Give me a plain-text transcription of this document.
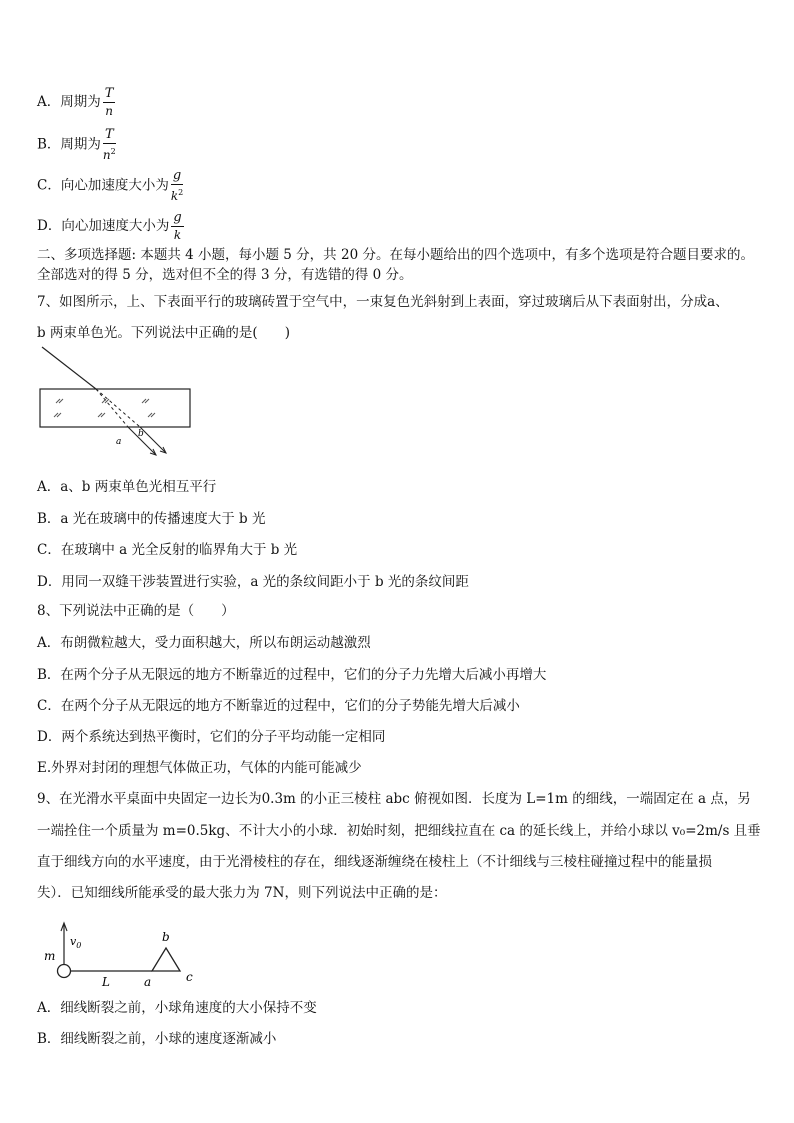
A．周期为 $\frac{T}{n}$
B．周期为 $\frac{T}{n^2}$
C．向心加速度大小为 $\frac{g}{k^2}$
D．向心加速度大小为 $\frac{g}{k}$
二、多项选择题: 本题共 4 小题，每小题 5 分，共 20 分。在每小题给出的四个选项中，有多个选项是符合题目要求的。
全部选对的得 5 分，选对但不全的得 3 分，有选错的得 0 分。
7、如图所示，上、下表面平行的玻璃砖置于空气中，一束复色光斜射到上表面，穿过玻璃后从下表面射出，分成a、
b 两束单色光。下列说法中正确的是(　　)
a
b
A．a、b 两束单色光相互平行
B．a 光在玻璃中的传播速度大于 b 光
C．在玻璃中 a 光全反射的临界角大于 b 光
D．用同一双缝干涉装置进行实验，a 光的条纹间距小于 b 光的条纹间距
8、下列说法中正确的是（　　）
A．布朗微粒越大，受力面积越大，所以布朗运动越激烈
B．在两个分子从无限远的地方不断靠近的过程中，它们的分子力先增大后减小再增大
C．在两个分子从无限远的地方不断靠近的过程中，它们的分子势能先增大后减小
D．两个系统达到热平衡时，它们的分子平均动能一定相同
E.外界对封闭的理想气体做正功，气体的内能可能减少
9、在光滑水平桌面中央固定一边长为0.3m 的小正三棱柱 abc 俯视如图．长度为 L=1m 的细线，一端固定在 a 点，另
一端拴住一个质量为 m=0.5kg、不计大小的小球．初始时刻，把细线拉直在 ca 的延长线上，并给小球以 v₀=2m/s 且垂
直于细线方向的水平速度，由于光滑棱柱的存在，细线逐渐缠绕在棱柱上（不计细线与三棱柱碰撞过程中的能量损
失）．已知细线所能承受的最大张力为 7N，则下列说法中正确的是：
$v_0$
m
L	a
b
c
A．细线断裂之前，小球角速度的大小保持不变
B．细线断裂之前，小球的速度逐渐减小
